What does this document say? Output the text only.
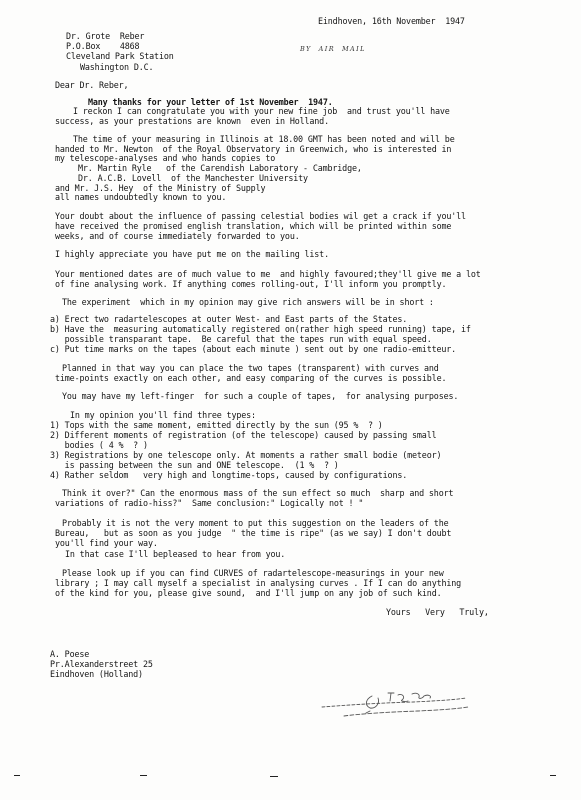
Eindhoven, 16th November  1947
Dr. Grote  Reber
P.O.Box    4868
Cleveland Park Station
Washington D.C.
BY  AIR  MAIL
Dear Dr. Reber,
Many thanks for your letter of 1st November  1947.
I reckon I can congratulate you with your new fine job  and trust you'll have
success, as your prestations are known  even in Holland.
The time of your measuring in Illinois at 18.00 GMT has been noted and will be
handed to Mr. Newton  of the Royal Observatory in Greenwich, who is interested in
my telescope-analyses and who hands copies to
Mr. Martin Ryle   of the Carendish Laboratory - Cambridge,
Dr. A.C.B. Lovell  of the Manchester University
and Mr. J.S. Hey  of the Ministry of Supply
all names undoubtedly known to you.
Your doubt about the influence of passing celestial bodies wil get a crack if you'll
have received the promised english translation, which will be printed within some
weeks, and of course immediately forwarded to you.
I highly appreciate you have put me on the mailing list.
Your mentioned dates are of much value to me  and highly favoured;they'll give me a lot
of fine analysing work. If anything comes rolling-out, I'll inform you promptly.
The experiment  which in my opinion may give rich answers will be in short :
a) Erect two radartelescopes at outer West- and East parts of the States.
b) Have the  measuring automatically registered on(rather high speed running) tape, if
possible transparant tape.  Be careful that the tapes run with equal speed.
c) Put time marks on the tapes (about each minute ) sent out by one radio-emitteur.
Planned in that way you can place the two tapes (transparent) with curves and
time-points exactly on each other, and easy comparing of the curves is possible.
You may have my left-finger  for such a couple of tapes,  for analysing purposes.
In my opinion you'll find three types:
1) Tops with the same moment, emitted directly by the sun (95 %  ? )
2) Different moments of registration (of the telescope) caused by passing small
bodies ( 4 %  ? )
3) Registrations by one telescope only. At moments a rather small bodie (meteor)
is passing between the sun and ONE telescope.  (1 %  ? )
4) Rather seldom   very high and longtime-tops, caused by configurations.
Think it over?" Can the enormous mass of the sun effect so much  sharp and short
variations of radio-hiss?"  Same conclusion:" Logically not ! "
Probably it is not the very moment to put this suggestion on the leaders of the
Bureau,   but as soon as you judge  " the time is ripe" (as we say) I don't doubt
you'll find your way.
In that case I'll bepleased to hear from you.
Please look up if you can find CURVES of radartelescope-measurings in your new
library ; I may call myself a specialist in analysing curves . If I can do anything
of the kind for you, please give sound,  and I'll jump on any job of such kind.
Yours   Very   Truly,
A. Poese
Pr.Alexanderstreet 25
Eindhoven (Holland)
